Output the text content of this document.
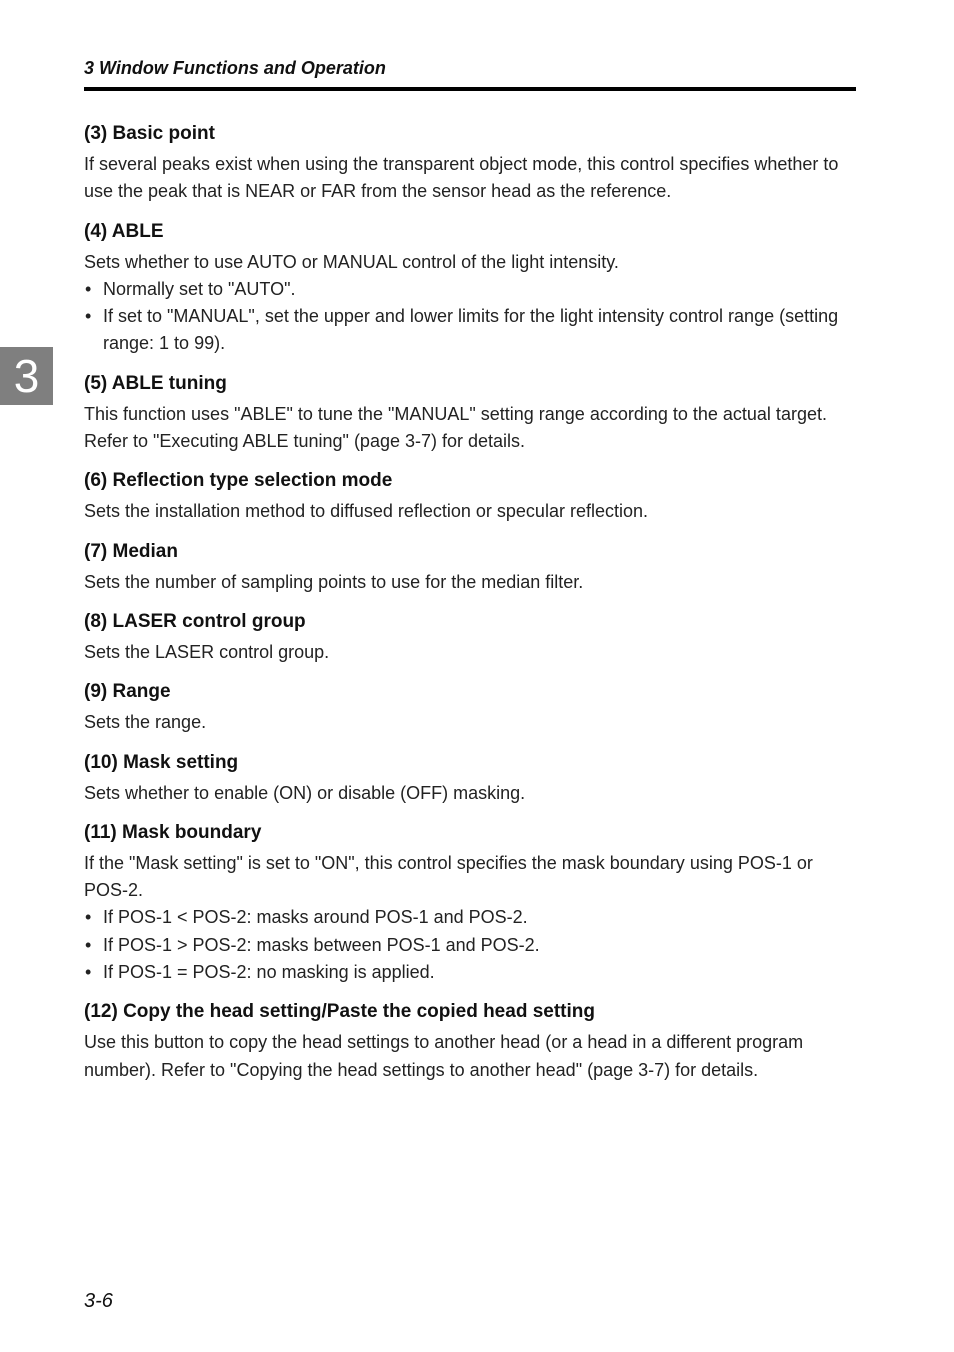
3 Window Functions and Operation
3
(3) Basic point

If several peaks exist when using the transparent object mode, this control specifies whether to use the peak that is NEAR or FAR from the sensor head as the reference.

(4) ABLE

Sets whether to use AUTO or MANUAL control of the light intensity.

• Normally set to "AUTO".
• If set to "MANUAL", set the upper and lower limits for the light intensity control range (setting range: 1 to 99).
(5) ABLE tuning

This function uses "ABLE" to tune the "MANUAL" setting range according to the actual target. Refer to "Executing ABLE tuning" (page 3-7) for details.

(6) Reflection type selection mode

Sets the installation method to diffused reflection or specular reflection.

(7) Median

Sets the number of sampling points to use for the median filter.

(8) LASER control group

Sets the LASER control group.

(9) Range

Sets the range.

(10) Mask setting

Sets whether to enable (ON) or disable (OFF) masking.

(11) Mask boundary

If the "Mask setting" is set to "ON", this control specifies the mask boundary using POS-1 or POS-2.

• If POS-1 < POS-2: masks around POS-1 and POS-2.
• If POS-1 > POS-2: masks between POS-1 and POS-2.
• If POS-1 = POS-2: no masking is applied.
(12) Copy the head setting/Paste the copied head setting

Use this button to copy the head settings to another head (or a head in a different program number). Refer to "Copying the head settings to another head" (page 3-7) for details.

3-6
